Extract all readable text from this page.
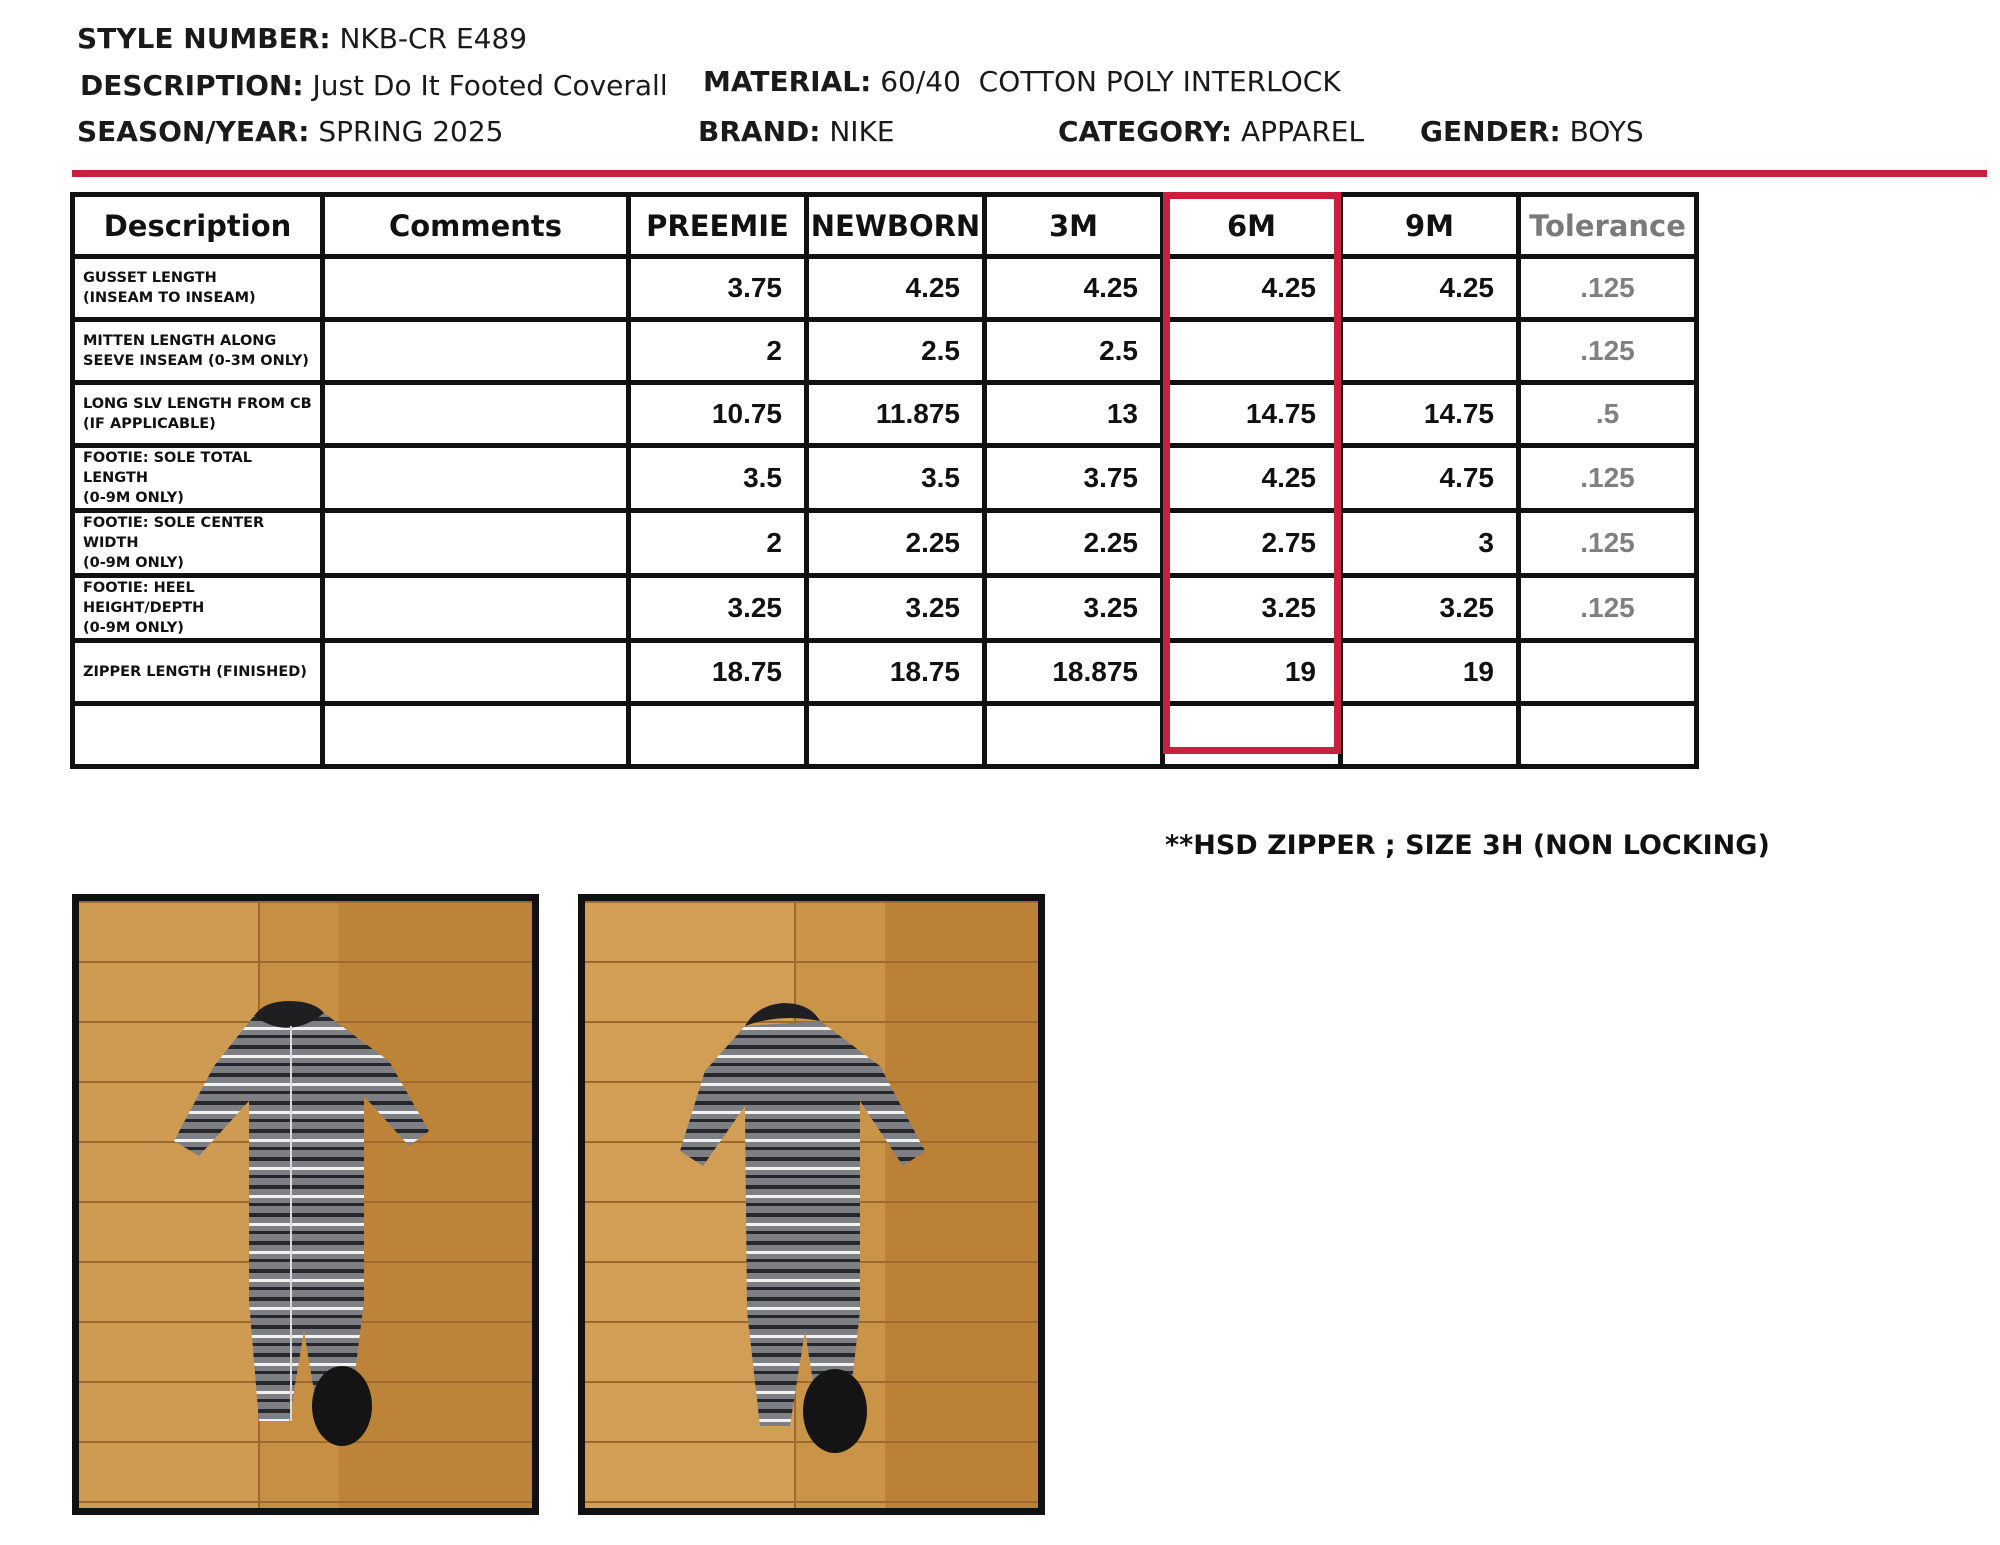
STYLE NUMBER: NKB-CR E489
DESCRIPTION: Just Do It Footed Coverall MATERIAL: 60/40  COTTON POLY INTERLOCK
SEASON/YEAR: SPRING 2025	BRAND: NIKE	CATEGORY: APPAREL GENDER: BOYS
Description	Comments	PREEMIE	NEWBORN	3M	6M	9M	Tolerance

GUSSET LENGTH
(INSEAM TO INSEAM)		3.75	4.25	4.25	4.25	4.25	.125

MITTEN LENGTH ALONG
SEEVE INSEAM (0-3M ONLY)		2	2.5	2.5			.125

LONG SLV LENGTH FROM CB
(IF APPLICABLE)		10.75	11.875	13	14.75	14.75	.5

FOOTIE: SOLE TOTAL LENGTH
(0-9M ONLY)		3.5	3.5	3.75	4.25	4.75	.125

FOOTIE: SOLE CENTER WIDTH
(0-9M ONLY)		2	2.25	2.25	2.75	3	.125

FOOTIE: HEEL HEIGHT/DEPTH
(0-9M ONLY)		3.25	3.25	3.25	3.25	3.25	.125

ZIPPER LENGTH (FINISHED)		18.75	18.75	18.875	19	19	

**HSD ZIPPER ; SIZE 3H (NON LOCKING)
